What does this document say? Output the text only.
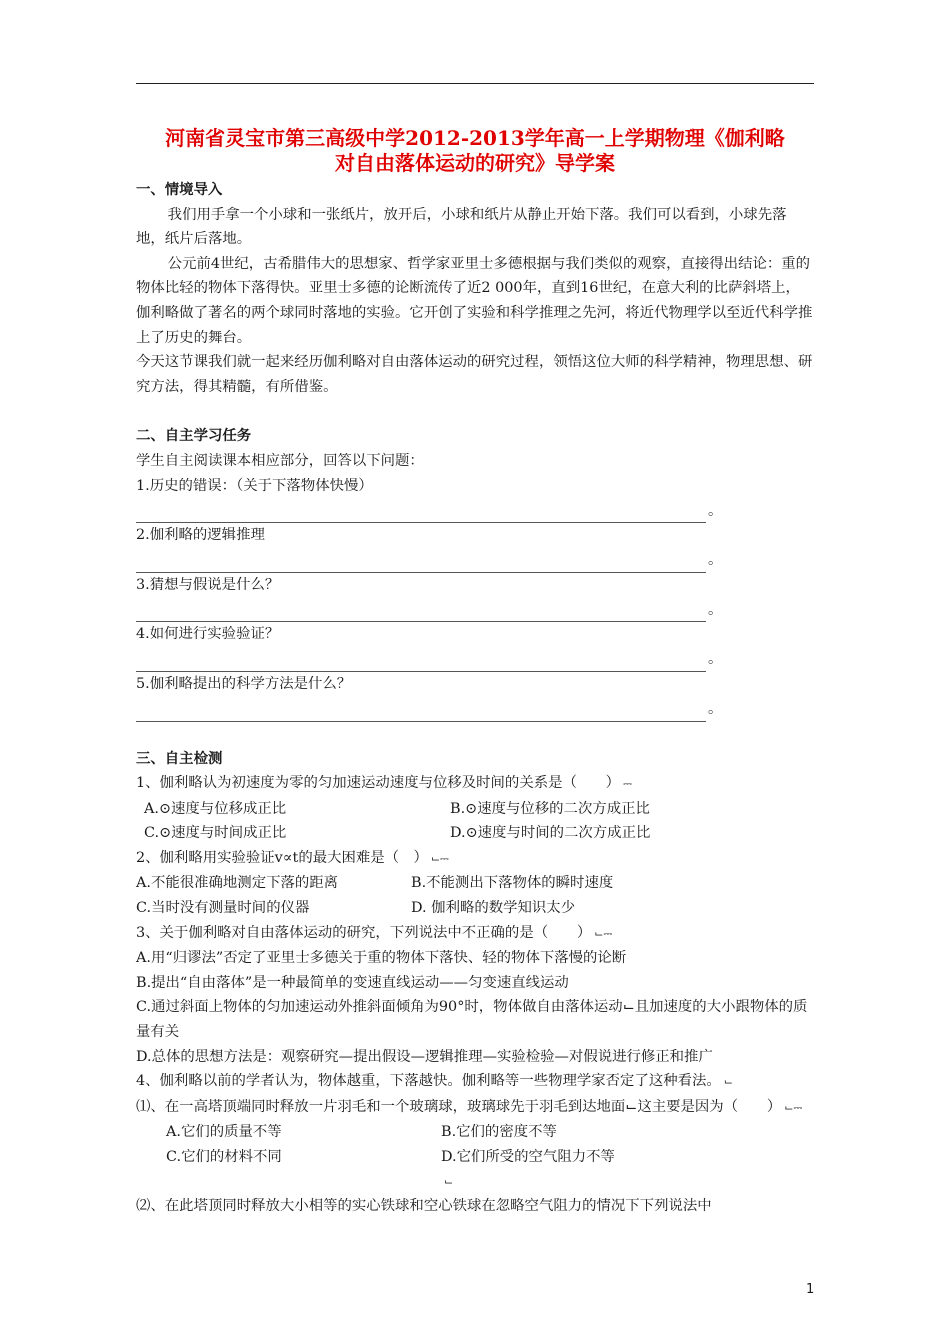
河南省灵宝市第三高级中学2012-2013学年高一上学期物理《伽利略
对自由落体运动的研究》导学案
一、情境导入

我们用手拿一个小球和一张纸片，放开后，小球和纸片从静止开始下落。我们可以看到，小球先落地，纸片后落地。

公元前4世纪，古希腊伟大的思想家、哲学家亚里士多德根据与我们类似的观察，直接得出结论：重的物体比轻的物体下落得快。亚里士多德的论断流传了近2 000年，直到16世纪，在意大利的比萨斜塔上，伽利略做了著名的两个球同时落地的实验。它开创了实验和科学推理之先河，将近代物理学以至近代科学推上了历史的舞台。

今天这节课我们就一起来经历伽利略对自由落体运动的研究过程，领悟这位大师的科学精神，物理思想、研究方法，得其精髓，有所借鉴。

二、自主学习任务

学生自主阅读课本相应部分，回答以下问题：

1.历史的错误：（关于下落物体快慢）

。

2.伽利略的逻辑推理

。

3.猜想与假说是什么？

。

4.如何进行实验验证？

。

5.伽利略提出的科学方法是什么？

。
三、自主检测

1、伽利略认为初速度为零的匀加速运动速度与位移及时间的关系是（　　） ⎓

A.⊙速度与位移成正比	B.⊙速度与位移的二次方成正比
C.⊙速度与时间成正比	D.⊙速度与时间的二次方成正比

2、伽利略用实验验证v∝t的最大困难是（　） ⌙⎓

A.不能很准确地测定下落的距离	B.不能测出下落物体的瞬时速度
C.当时没有测量时间的仪器	D. 伽利略的数学知识太少

3、关于伽利略对自由落体运动的研究，下列说法中不正确的是（　　） ⌙⎓

A.用“归谬法”否定了亚里士多德关于重的物体下落快、轻的物体下落慢的论断

B.提出“自由落体”是一种最简单的变速直线运动——匀变速直线运动

C.通过斜面上物体的匀加速运动外推斜面倾角为90°时，物体做自由落体运动⌙且加速度的大小跟物体的质量有关

D.总体的思想方法是：观察研究—提出假设—逻辑推理—实验检验—对假说进行修正和推广

4、伽利略以前的学者认为，物体越重，下落越快。伽利略等一些物理学家否定了这种看法。 ⌙

⑴、在一高塔顶端同时释放一片羽毛和一个玻璃球，玻璃球先于羽毛到达地面⌙这主要是因为（　　） ⌙⎓

A.它们的质量不等	B.它们的密度不等
C.它们的材料不同	D.它们所受的空气阻力不等
⌙

⑵、在此塔顶同时释放大小相等的实心铁球和空心铁球在忽略空气阻力的情况下下列说法中

1
